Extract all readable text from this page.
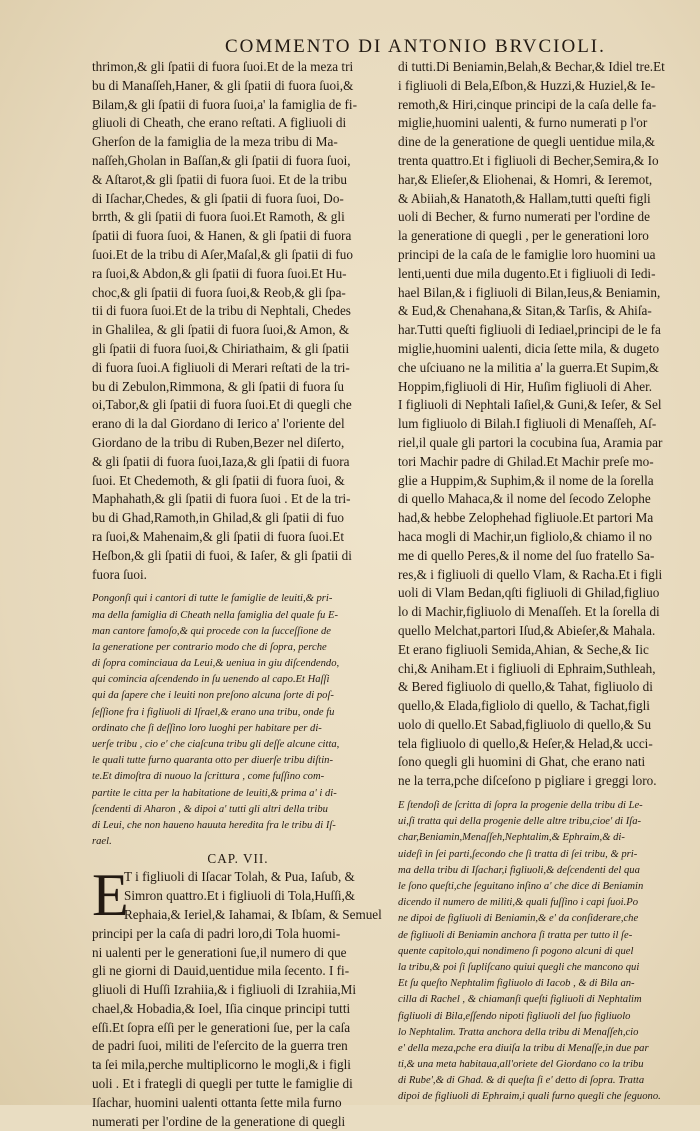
COMMENTO DI ANTONIO BRVCIOLI.
thrimon,& gli ſpatii di fuora ſuoi.Et de la meza tri
bu di Manaſſeh,Haner, & gli ſpatii di fuora ſuoi,&
Bilam,& gli ſpatii di fuora ſuoi,a' la famiglia de fi-
gliuoli di Cheath, che erano reſtati. A figliuoli di
Gherſon de la famiglia de la meza tribu di Ma-
naſſeh,Gholan in Baſſan,& gli ſpatii di fuora ſuoi,
& Aſtarot,& gli ſpatii di fuora ſuoi. Et de la tribu
di Iſachar,Chedes, & gli ſpatii di fuora ſuoi, Do-
brrth, & gli ſpatii di fuora ſuoi.Et Ramoth, & gli
ſpatii di fuora ſuoi, & Hanen, & gli ſpatii di fuora
ſuoi.Et de la tribu di Aſer,Maſal,& gli ſpatii di fuo
ra ſuoi,& Abdon,& gli ſpatii di fuora ſuoi.Et Hu-
choc,& gli ſpatii di fuora ſuoi,& Reob,& gli ſpa-
tii di fuora ſuoi.Et de la tribu di Nephtali, Chedes
in Ghalilea, & gli ſpatii di fuora ſuoi,& Amon, &
gli ſpatii di fuora ſuoi,& Chiriathaim, & gli ſpatii
di fuora ſuoi.A figliuoli di Merari reſtati de la tri-
bu di Zebulon,Rimmona, & gli ſpatii di fuora ſu
oi,Tabor,& gli ſpatii di fuora ſuoi.Et di quegli che
erano di la dal Giordano di Ierico a' l'oriente del
Giordano de la tribu di Ruben,Bezer nel diſerto,
& gli ſpatii di fuora ſuoi,Iaza,& gli ſpatii di fuora
ſuoi. Et Chedemoth, & gli ſpatii di fuora ſuoi, &
Maphahath,& gli ſpatii di fuora ſuoi . Et de la tri-
bu di Ghad,Ramoth,in Ghilad,& gli ſpatii di fuo
ra ſuoi,& Mahenaim,& gli ſpatii di fuora ſuoi.Et
Heſbon,& gli ſpatii di fuoi, & Iaſer, & gli ſpatii di
fuora ſuoi.
Pongonſi qui i cantori di tutte le famiglie de leuiti,& pri-
ma della famiglia di Cheath nella famiglia del quale fu E-
man cantore famoſo,& qui procede con la ſucceſſione de
la generatione per contrario modo che di ſopra, perche
di ſopra cominciaua da Leui,& ueniua in giu diſcendendo,
qui comincia aſcendendo in ſu uenendo al capo.Et Haſſi
qui da ſapere che i leuiti non preſono alcuna ſorte di poſ-
ſeſſione fra i figliuoli di Iſrael,& erano una tribu, onde fu
ordinato che ſi deſſino loro luoghi per habitare per di-
uerſe tribu , cio e' che ciaſcuna tribu gli deſſe alcune citta,
le quali tutte furno quaranta otto per diuerſe tribu diſtin-
te.Et dimoſtra di nuouo la ſcrittura , come fuſſino com-
partite le citta per la habitatione de leuiti,& prima a' i di-
ſcendenti di Aharon , & dipoi a' tutti gli altri della tribu
di Leui, che non haueno hauuta heredita fra le tribu di Iſ-
rael.
CAP. VII.
E
T i figliuoli di Iſacar Tolah, & Pua, Iaſub, &
Simron quattro.Et i figliuoli di Tola,Huſſi,&
Rephaia,& Ieriel,& Iahamai, & Ibſam, & Semuel
principi per la caſa di padri loro,di Tola huomi-
ni ualenti per le generationi ſue,il numero di que
gli ne giorni di Dauid,uentidue mila ſecento. I fi-
gliuoli di Huſſi Izrahiia,& i figliuoli di Izrahiia,Mi
chael,& Hobadia,& Ioel, Iſia cinque principi tutti
eſſi.Et ſopra eſſi per le generationi ſue, per la caſa
de padri ſuoi, militi de l'eſercito de la guerra tren
ta ſei mila,perche multiplicorno le mogli,& i figli
uoli . Et i frategli di quegli per tutte le famiglie di
Iſachar, huomini ualenti ottanta ſette mila furno
numerati per l'ordine de la generatione di quegli
di tutti.Di Beniamin,Belah,& Bechar,& Idiel tre.Et
i figliuoli di Bela,Eſbon,& Huzzi,& Huziel,& Ie-
remoth,& Hiri,cinque principi de la caſa delle fa-
miglie,huomini ualenti, & furno numerati p l'or
dine de la generatione de quegli uentidue mila,&
trenta quattro.Et i figliuoli di Becher,Semira,& Io
har,& Elieſer,& Eliohenai, & Homri, & Ieremot,
& Abiiah,& Hanatoth,& Hallam,tutti queſti figli
uoli di Becher, & furno numerati per l'ordine de
la generatione di quegli , per le generationi loro
principi de la caſa de le famiglie loro huomini ua
lenti,uenti due mila dugento.Et i figliuoli di Iedi-
hael Bilan,& i figliuoli di Bilan,Ieus,& Beniamin,
& Eud,& Chenahana,& Sitan,& Tarſis, & Ahiſa-
har.Tutti queſti figliuoli di Iediael,principi de le fa
miglie,huomini ualenti, dicia ſette mila, & dugeto
che uſciuano ne la militia a' la guerra.Et Supim,&
Hoppim,figliuoli di Hir, Huſim figliuoli di Aher.
I figliuoli di Nephtali Iaſiel,& Guni,& Ieſer, & Sel
lum figliuolo di Bilah.I figliuoli di Menaſſeh, Aſ-
riel,il quale gli partori la cocubina ſua, Aramia par
tori Machir padre di Ghilad.Et Machir preſe mo-
glie a Huppim,& Suphim,& il nome de la ſorella
di quello Mahaca,& il nome del ſecodo Zelophe
had,& hebbe Zelophehad figliuole.Et partori Ma
haca mogli di Machir,un figliolo,& chiamo il no
me di quello Peres,& il nome del ſuo fratello Sa-
res,& i figliuoli di quello Vlam, & Racha.Et i figli
uoli di Vlam Bedan,qſti figliuoli di Ghilad,figliuo
lo di Machir,figliuolo di Menaſſeh. Et la ſorella di
quello Melchat,partori Iſud,& Abieſer,& Mahala.
Et erano figliuoli Semida,Ahian, & Seche,& Iic
chi,& Aniham.Et i figliuoli di Ephraim,Suthleah,
& Bered figliuolo di quello,& Tahat, figliuolo di
quello,& Elada,figliolo di quello, & Tachat,figli
uolo di quello.Et Sabad,figliuolo di quello,& Su
tela figliuolo di quello,& Heſer,& Helad,& ucci-
ſono quegli gli huomini di Ghat, che erano nati
ne la terra,pche diſceſono p pigliare i greggi loro.
E ſtendoſi de ſcritta di ſopra la progenie della tribu di Le-
ui,ſi tratta qui della progenie delle altre tribu,cioe' di Iſa-
char,Beniamin,Menaſſeh,Nephtalim,& Ephraim,& di-
uideſi in ſei parti,ſecondo che ſi tratta di ſei tribu, & pri-
ma della tribu di Iſachar,i figliuoli,& deſcendenti del qua
le ſono queſti,che ſeguitano inſino a' che dice di Beniamin
dicendo il numero de militi,& quali fuſſino i capi ſuoi.Po
ne dipoi de figliuoli di Beniamin,& e' da conſiderare,che
de figliuoli di Beniamin anchora ſi tratta per tutto il ſe-
quente capitolo,qui nondimeno ſi pogono alcuni di quel
la tribu,& poi ſi ſupliſcano quiui quegli che mancono qui
Et ſu queſto Nephtalim figliuolo di Iacob , & di Bila an-
cilla di Rachel , & chiamanſi queſti figliuoli di Nephtalim
figliuoli di Bila,eſſendo nipoti figliuoli del ſuo figliuolo
lo Nephtalim. Tratta anchora della tribu di Menaſſeh,cio
e' della meza,pche era diuiſa la tribu di Menaſſe,in due par
ti,& una meta habitaua,all'oriete del Giordano co la tribu
di Rube',& di Ghad. & di queſta ſi e' detto di ſopra. Tratta
dipoi de figliuoli di Ephraim,i quali furno quegli che ſeguono.
